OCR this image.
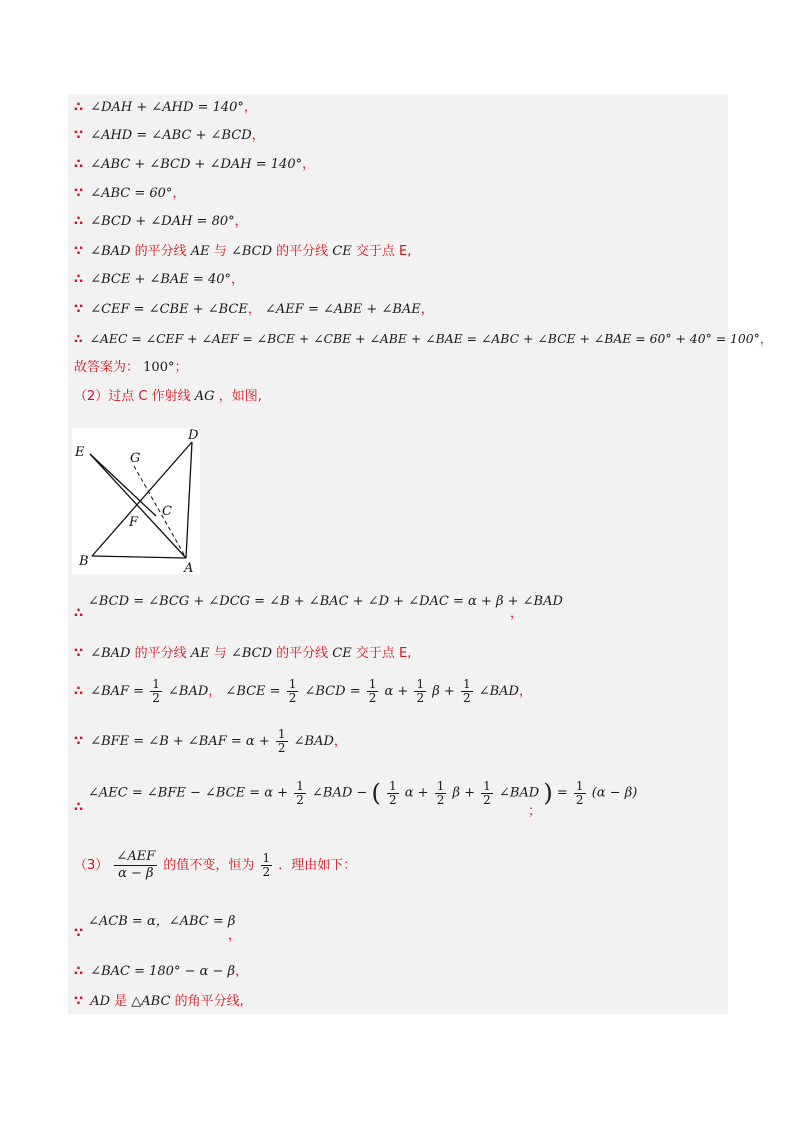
∴ ∠DAH + ∠AHD = 140°，
∵ ∠AHD = ∠ABC + ∠BCD，
∴ ∠ABC + ∠BCD + ∠DAH = 140°，
∵ ∠ABC = 60°，
∴ ∠BCD + ∠DAH = 80°，
∵ ∠BAD 的平分线 AE 与 ∠BCD 的平分线 CE 交于点 E,
∴ ∠BCE + ∠BAE = 40°，
∵ ∠CEF = ∠CBE + ∠BCE， ∠AEF = ∠ABE + ∠BAE，
∴ ∠AEC = ∠CEF + ∠AEF = ∠BCE + ∠CBE + ∠ABE + ∠BAE = ∠ABC + ∠BCE + ∠BAE = 60° + 40° = 100°，
故答案为： 100°；
（2）过点 C 作射线 AG ，如图,
E	G
D
C
F
B	A
∠BCD = ∠BCG + ∠DCG = ∠B + ∠BAC + ∠D + ∠DAC = α + β + ∠BAD
∴	，
∵ ∠BAD 的平分线 AE 与 ∠BCD 的平分线 CE 交于点 E,
∴ ∠BAF = $\frac{1}{2}$ ∠BAD， ∠BCE = $\frac{1}{2}$ ∠BCD = $\frac{1}{2}$ $\alpha + \frac{1}{2}$ $\beta + \frac{1}{2}$ ∠BAD，
∵ ∠BFE = ∠B + ∠BAF = $\alpha + \frac{1}{2}$ ∠BAD，
∠AEC = ∠BFE − ∠BCE = $\alpha + \frac{1}{2}$ ∠BAD − ( $\frac{1}{2}$ $\alpha + \frac{1}{2}$ $\beta + \frac{1}{2}$ ∠BAD ) = $\frac{1}{2} (\alpha - \beta)$
∴	；
$(3) \frac{\text{∠AEF}}{\alpha - \beta}$ 的值不变，恒为 $\frac{1}{2}$ ．理由如下：
∠ACB = α，∠ABC = β
∵	，
∴ ∠BAC = 180° − α − β，
∵ AD 是 △ABC 的角平分线,
